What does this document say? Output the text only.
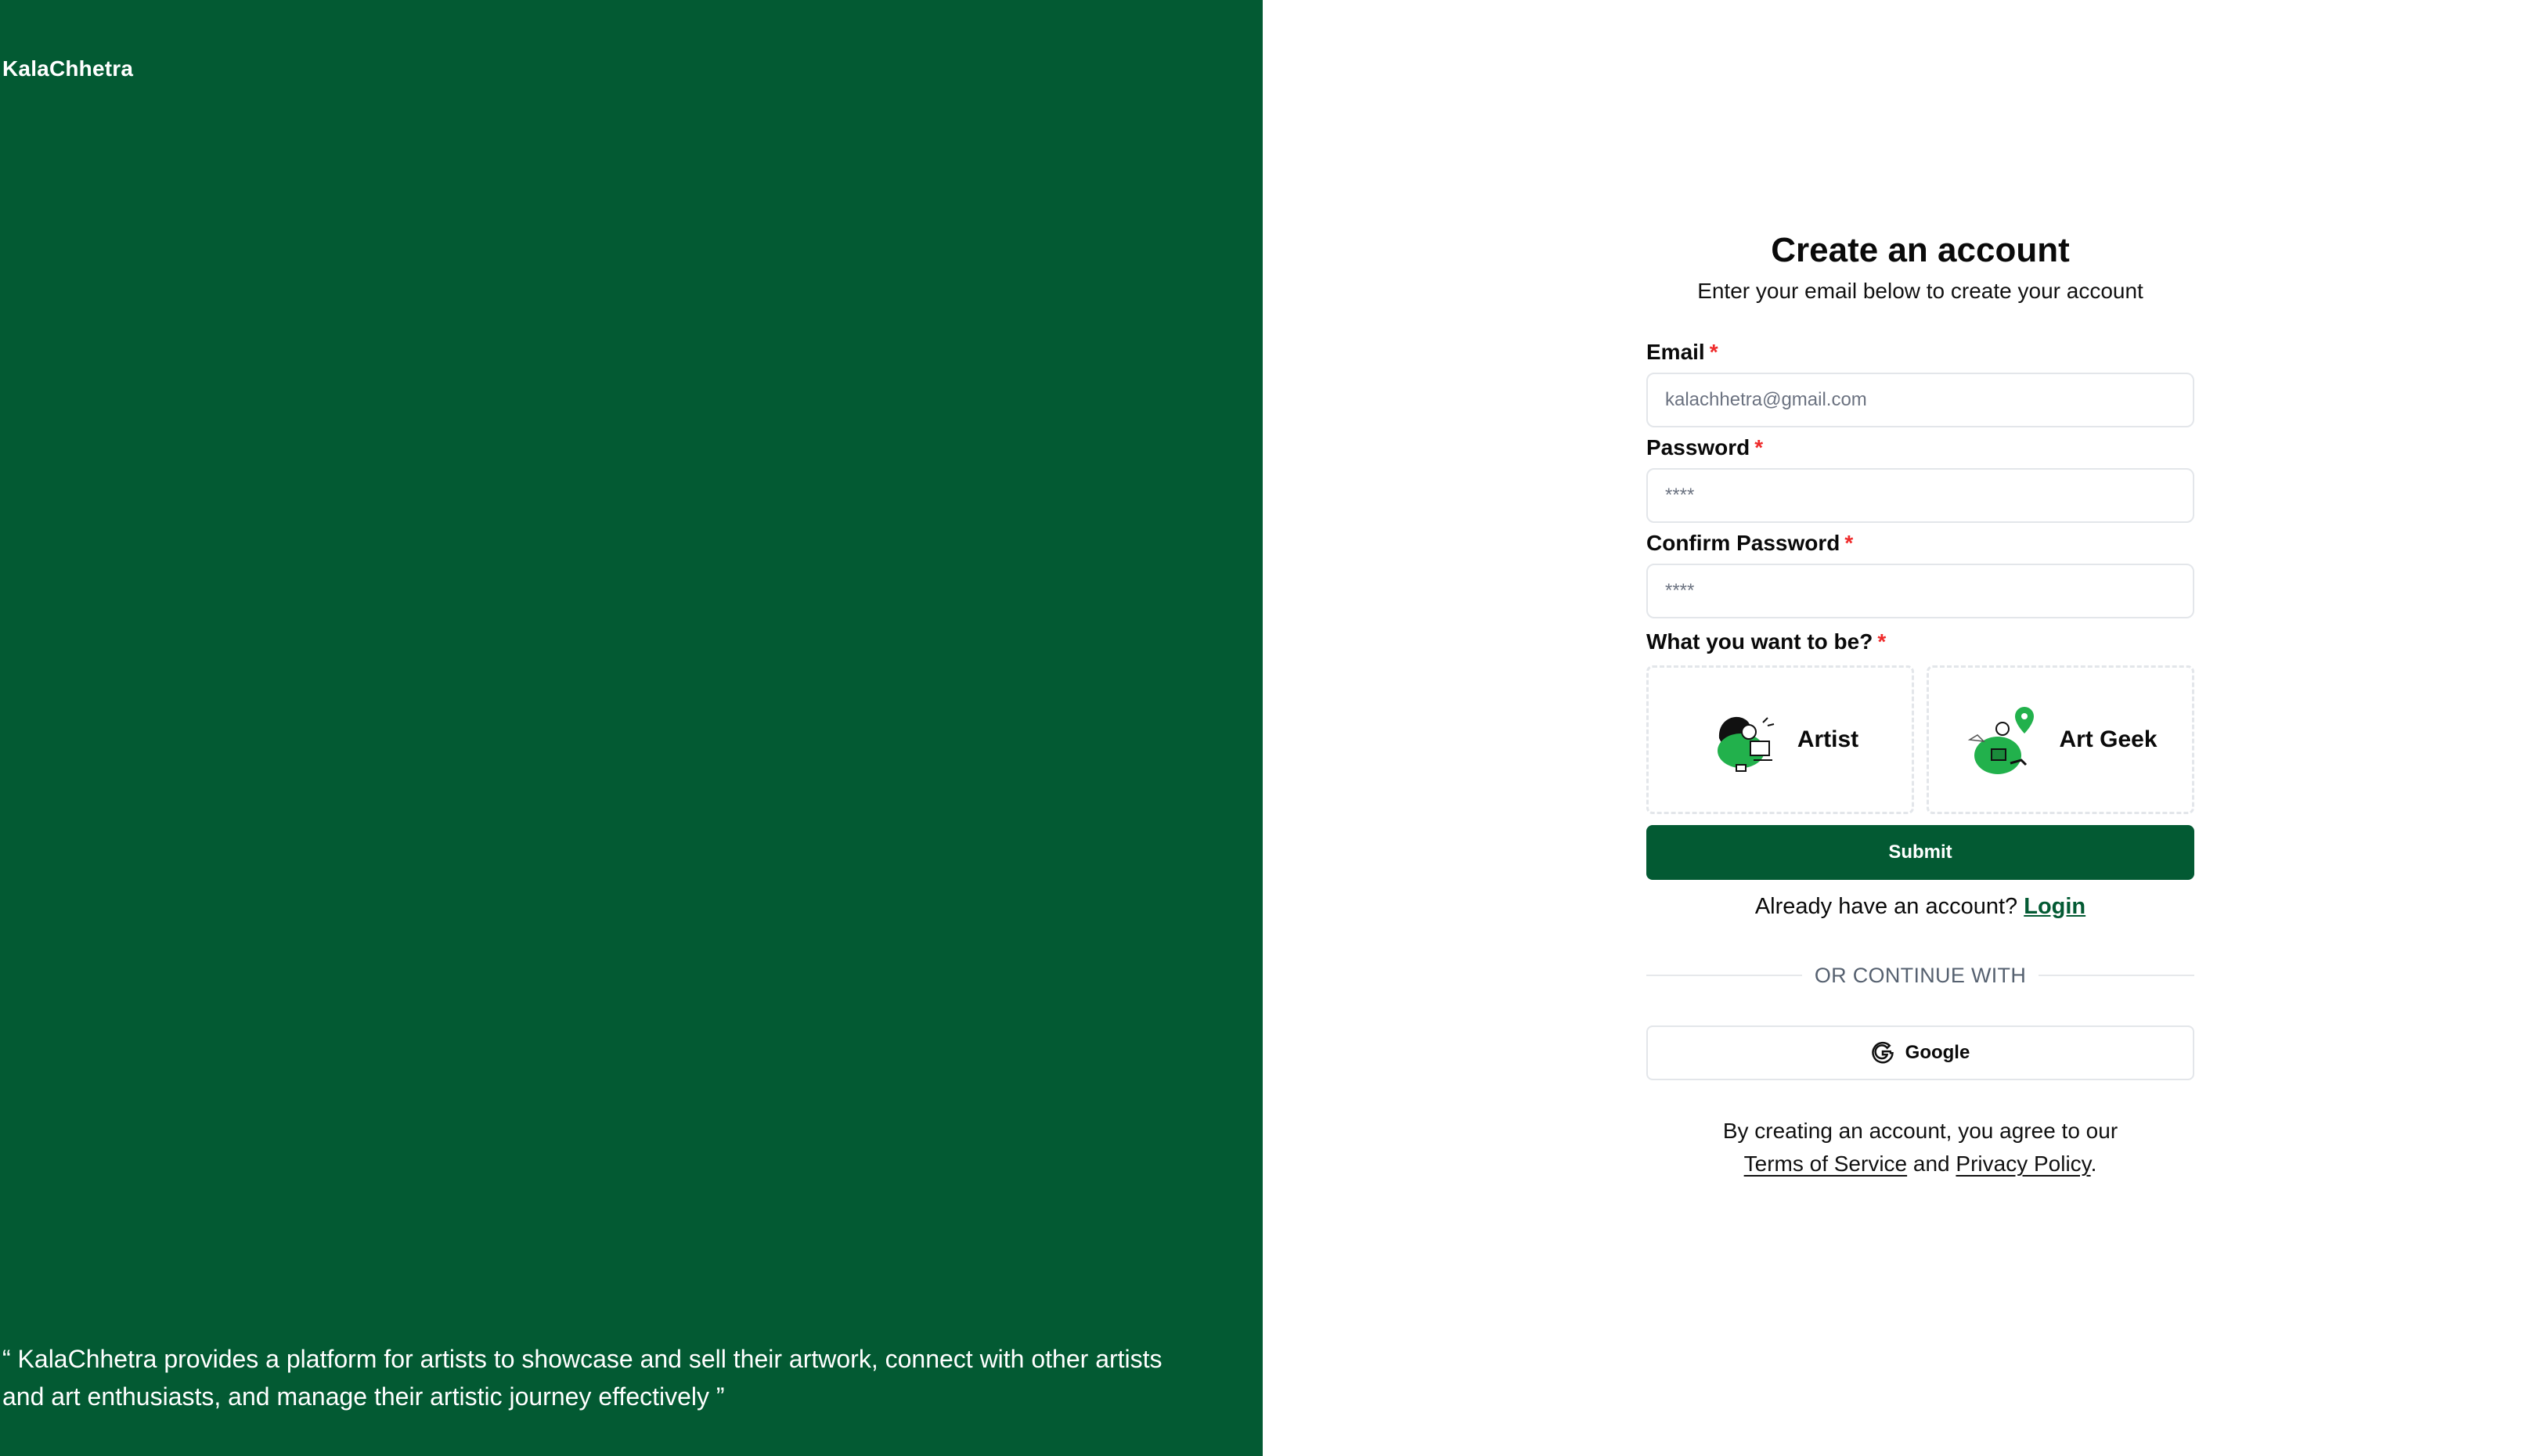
KalaChhetra
“ KalaChhetra provides a platform for artists to showcase and sell their artwork, connect with other artists and art enthusiasts, and manage their artistic journey effectively ”
Create an account

Enter your email below to create your account

Email *
kalachhetra@gmail.com
Password *
Confirm Password *
What you want to be? *
Artist	Art Geek
Submit
Already have an account? Login
OR CONTINUE WITH
Google

By creating an account, you agree to our
Terms of Service and Privacy Policy.
